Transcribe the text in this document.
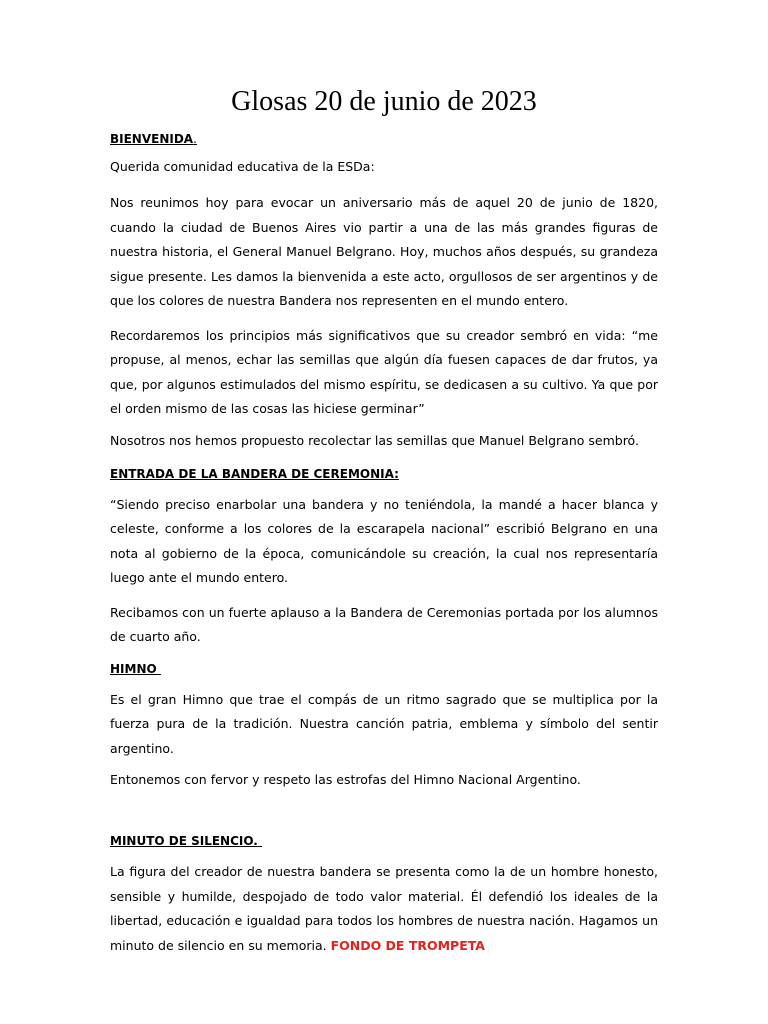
Glosas 20 de junio de 2023
BIENVENIDA.

Querida comunidad educativa de la ESDa:

Nos reunimos hoy para evocar un aniversario más de aquel 20 de junio de 1820, cuando la ciudad de Buenos Aires vio partir a una de las más grandes figuras de nuestra historia, el General Manuel Belgrano. Hoy, muchos años después, su grandeza sigue presente. Les damos la bienvenida a este acto, orgullosos de ser argentinos y de que los colores de nuestra Bandera nos representen en el mundo entero.

Recordaremos los principios más significativos que su creador sembró en vida: “me propuse, al menos, echar las semillas que algún día fuesen capaces de dar frutos, ya que, por algunos estimulados del mismo espíritu, se dedicasen a su cultivo. Ya que por el orden mismo de las cosas las hiciese germinar”

Nosotros nos hemos propuesto recolectar las semillas que Manuel Belgrano sembró.

ENTRADA DE LA BANDERA DE CEREMONIA:

“Siendo preciso enarbolar una bandera y no teniéndola, la mandé a hacer blanca y celeste, conforme a los colores de la escarapela nacional” escribió Belgrano en una nota al gobierno de la época, comunicándole su creación, la cual nos representaría luego ante el mundo entero.

Recibamos con un fuerte aplauso a la Bandera de Ceremonias portada por los alumnos de cuarto año.

HIMNO

Es el gran Himno que trae el compás de un ritmo sagrado que se multiplica por la fuerza pura de la tradición. Nuestra canción patria, emblema y símbolo del sentir argentino.

Entonemos con fervor y respeto las estrofas del Himno Nacional Argentino.

MINUTO DE SILENCIO.

La figura del creador de nuestra bandera se presenta como la de un hombre honesto, sensible y humilde, despojado de todo valor material. Él defendió los ideales de la libertad, educación e igualdad para todos los hombres de nuestra nación. Hagamos un minuto de silencio en su memoria. FONDO DE TROMPETA
